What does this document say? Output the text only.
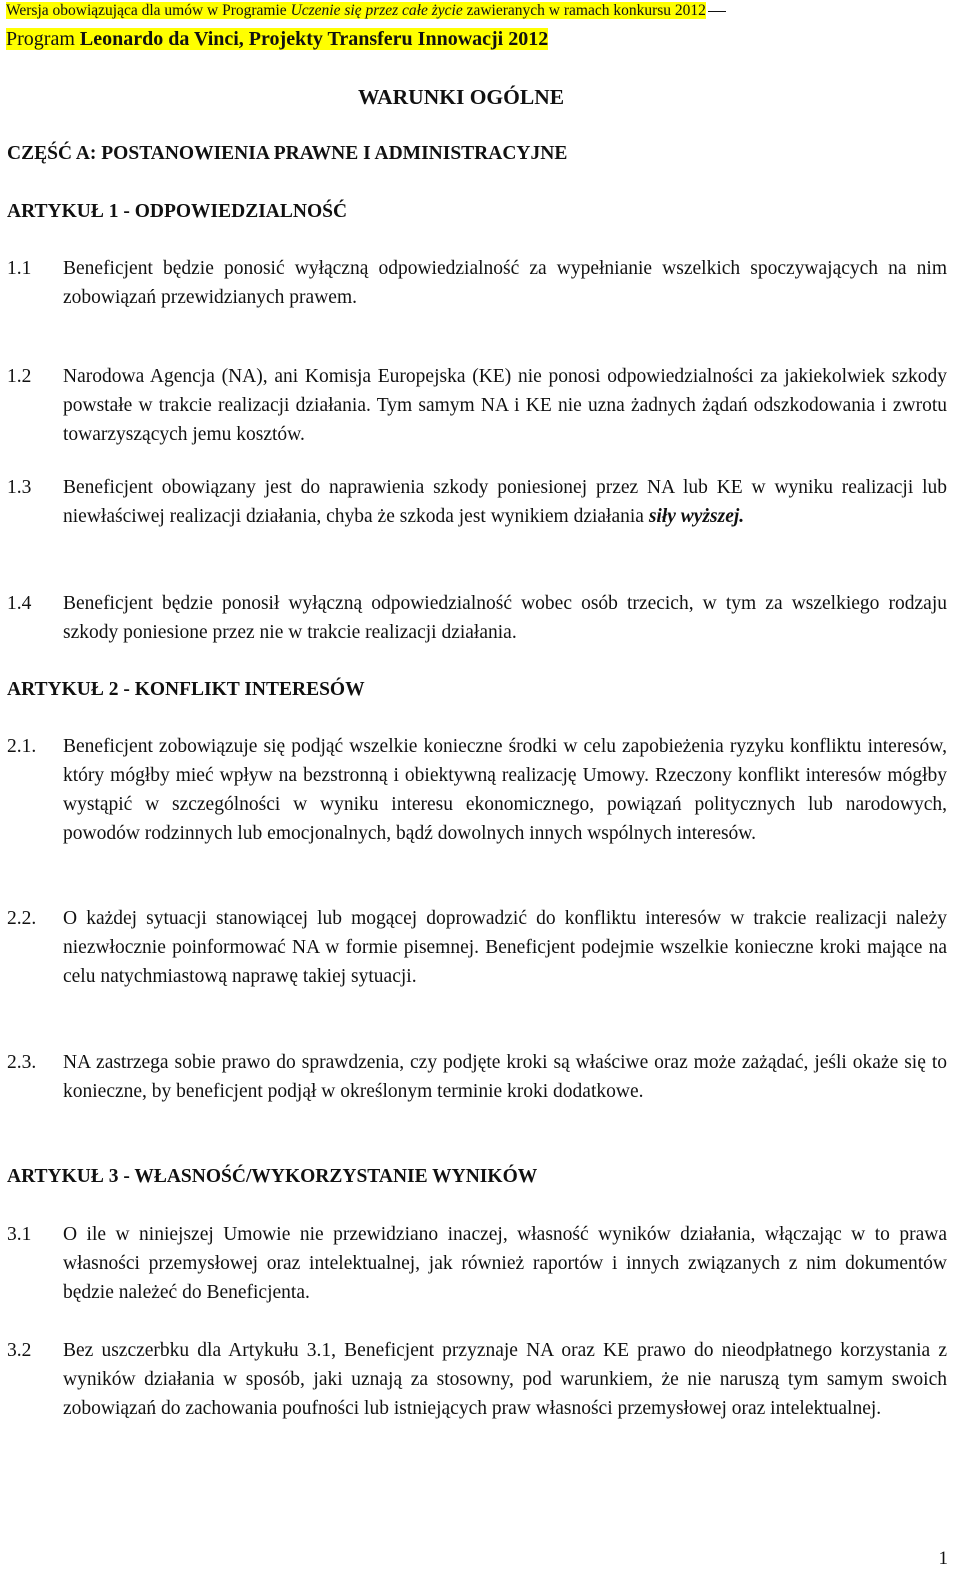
Wersja obowiązująca dla umów w Programie Uczenie się przez całe życie zawieranych w ramach konkursu 2012
Program Leonardo da Vinci, Projekty Transferu Innowacji 2012
WARUNKI OGÓLNE
CZĘŚĆ A: POSTANOWIENIA PRAWNE I ADMINISTRACYJNE
ARTYKUŁ 1 - ODPOWIEDZIALNOŚĆ
1.1 Beneficjent będzie ponosić wyłączną odpowiedzialność za wypełnianie wszelkich spoczywających na nim zobowiązań przewidzianych prawem.
1.2 Narodowa Agencja (NA), ani Komisja Europejska (KE) nie ponosi odpowiedzialności za jakiekolwiek szkody powstałe w trakcie realizacji działania. Tym samym NA i KE nie uzna żadnych żądań odszkodowania i zwrotu towarzyszących jemu kosztów.
1.3 Beneficjent obowiązany jest do naprawienia szkody poniesionej przez NA lub KE w wyniku realizacji lub niewłaściwej realizacji działania, chyba że szkoda jest wynikiem działania siły wyższej.
1.4 Beneficjent będzie ponosił wyłączną odpowiedzialność wobec osób trzecich, w tym za wszelkiego rodzaju szkody poniesione przez nie w trakcie realizacji działania.
ARTYKUŁ 2 - KONFLIKT INTERESÓW
2.1. Beneficjent zobowiązuje się podjąć wszelkie konieczne środki w celu zapobieżenia ryzyku konfliktu interesów, który mógłby mieć wpływ na bezstronną i obiektywną realizację Umowy. Rzeczony konflikt interesów mógłby wystąpić w szczególności w wyniku interesu ekonomicznego, powiązań politycznych lub narodowych, powodów rodzinnych lub emocjonalnych, bądź dowolnych innych wspólnych interesów.
2.2. O każdej sytuacji stanowiącej lub mogącej doprowadzić do konfliktu interesów w trakcie realizacji należy niezwłocznie poinformować NA w formie pisemnej. Beneficjent podejmie wszelkie konieczne kroki mające na celu natychmiastową naprawę takiej sytuacji.
2.3. NA zastrzega sobie prawo do sprawdzenia, czy podjęte kroki są właściwe oraz może zażądać, jeśli okaże się to konieczne, by beneficjent podjął w określonym terminie kroki dodatkowe.
ARTYKUŁ 3 - WŁASNOŚĆ/WYKORZYSTANIE WYNIKÓW
3.1 O ile w niniejszej Umowie nie przewidziano inaczej, własność wyników działania, włączając w to prawa własności przemysłowej oraz intelektualnej, jak również raportów i innych związanych z nim dokumentów będzie należeć do Beneficjenta.
3.2 Bez uszczerbku dla Artykułu 3.1, Beneficjent przyznaje NA oraz KE prawo do nieodpłatnego korzystania z wyników działania w sposób, jaki uznają za stosowny, pod warunkiem, że nie naruszą tym samym swoich zobowiązań do zachowania poufności lub istniejących praw własności przemysłowej oraz intelektualnej.
1
